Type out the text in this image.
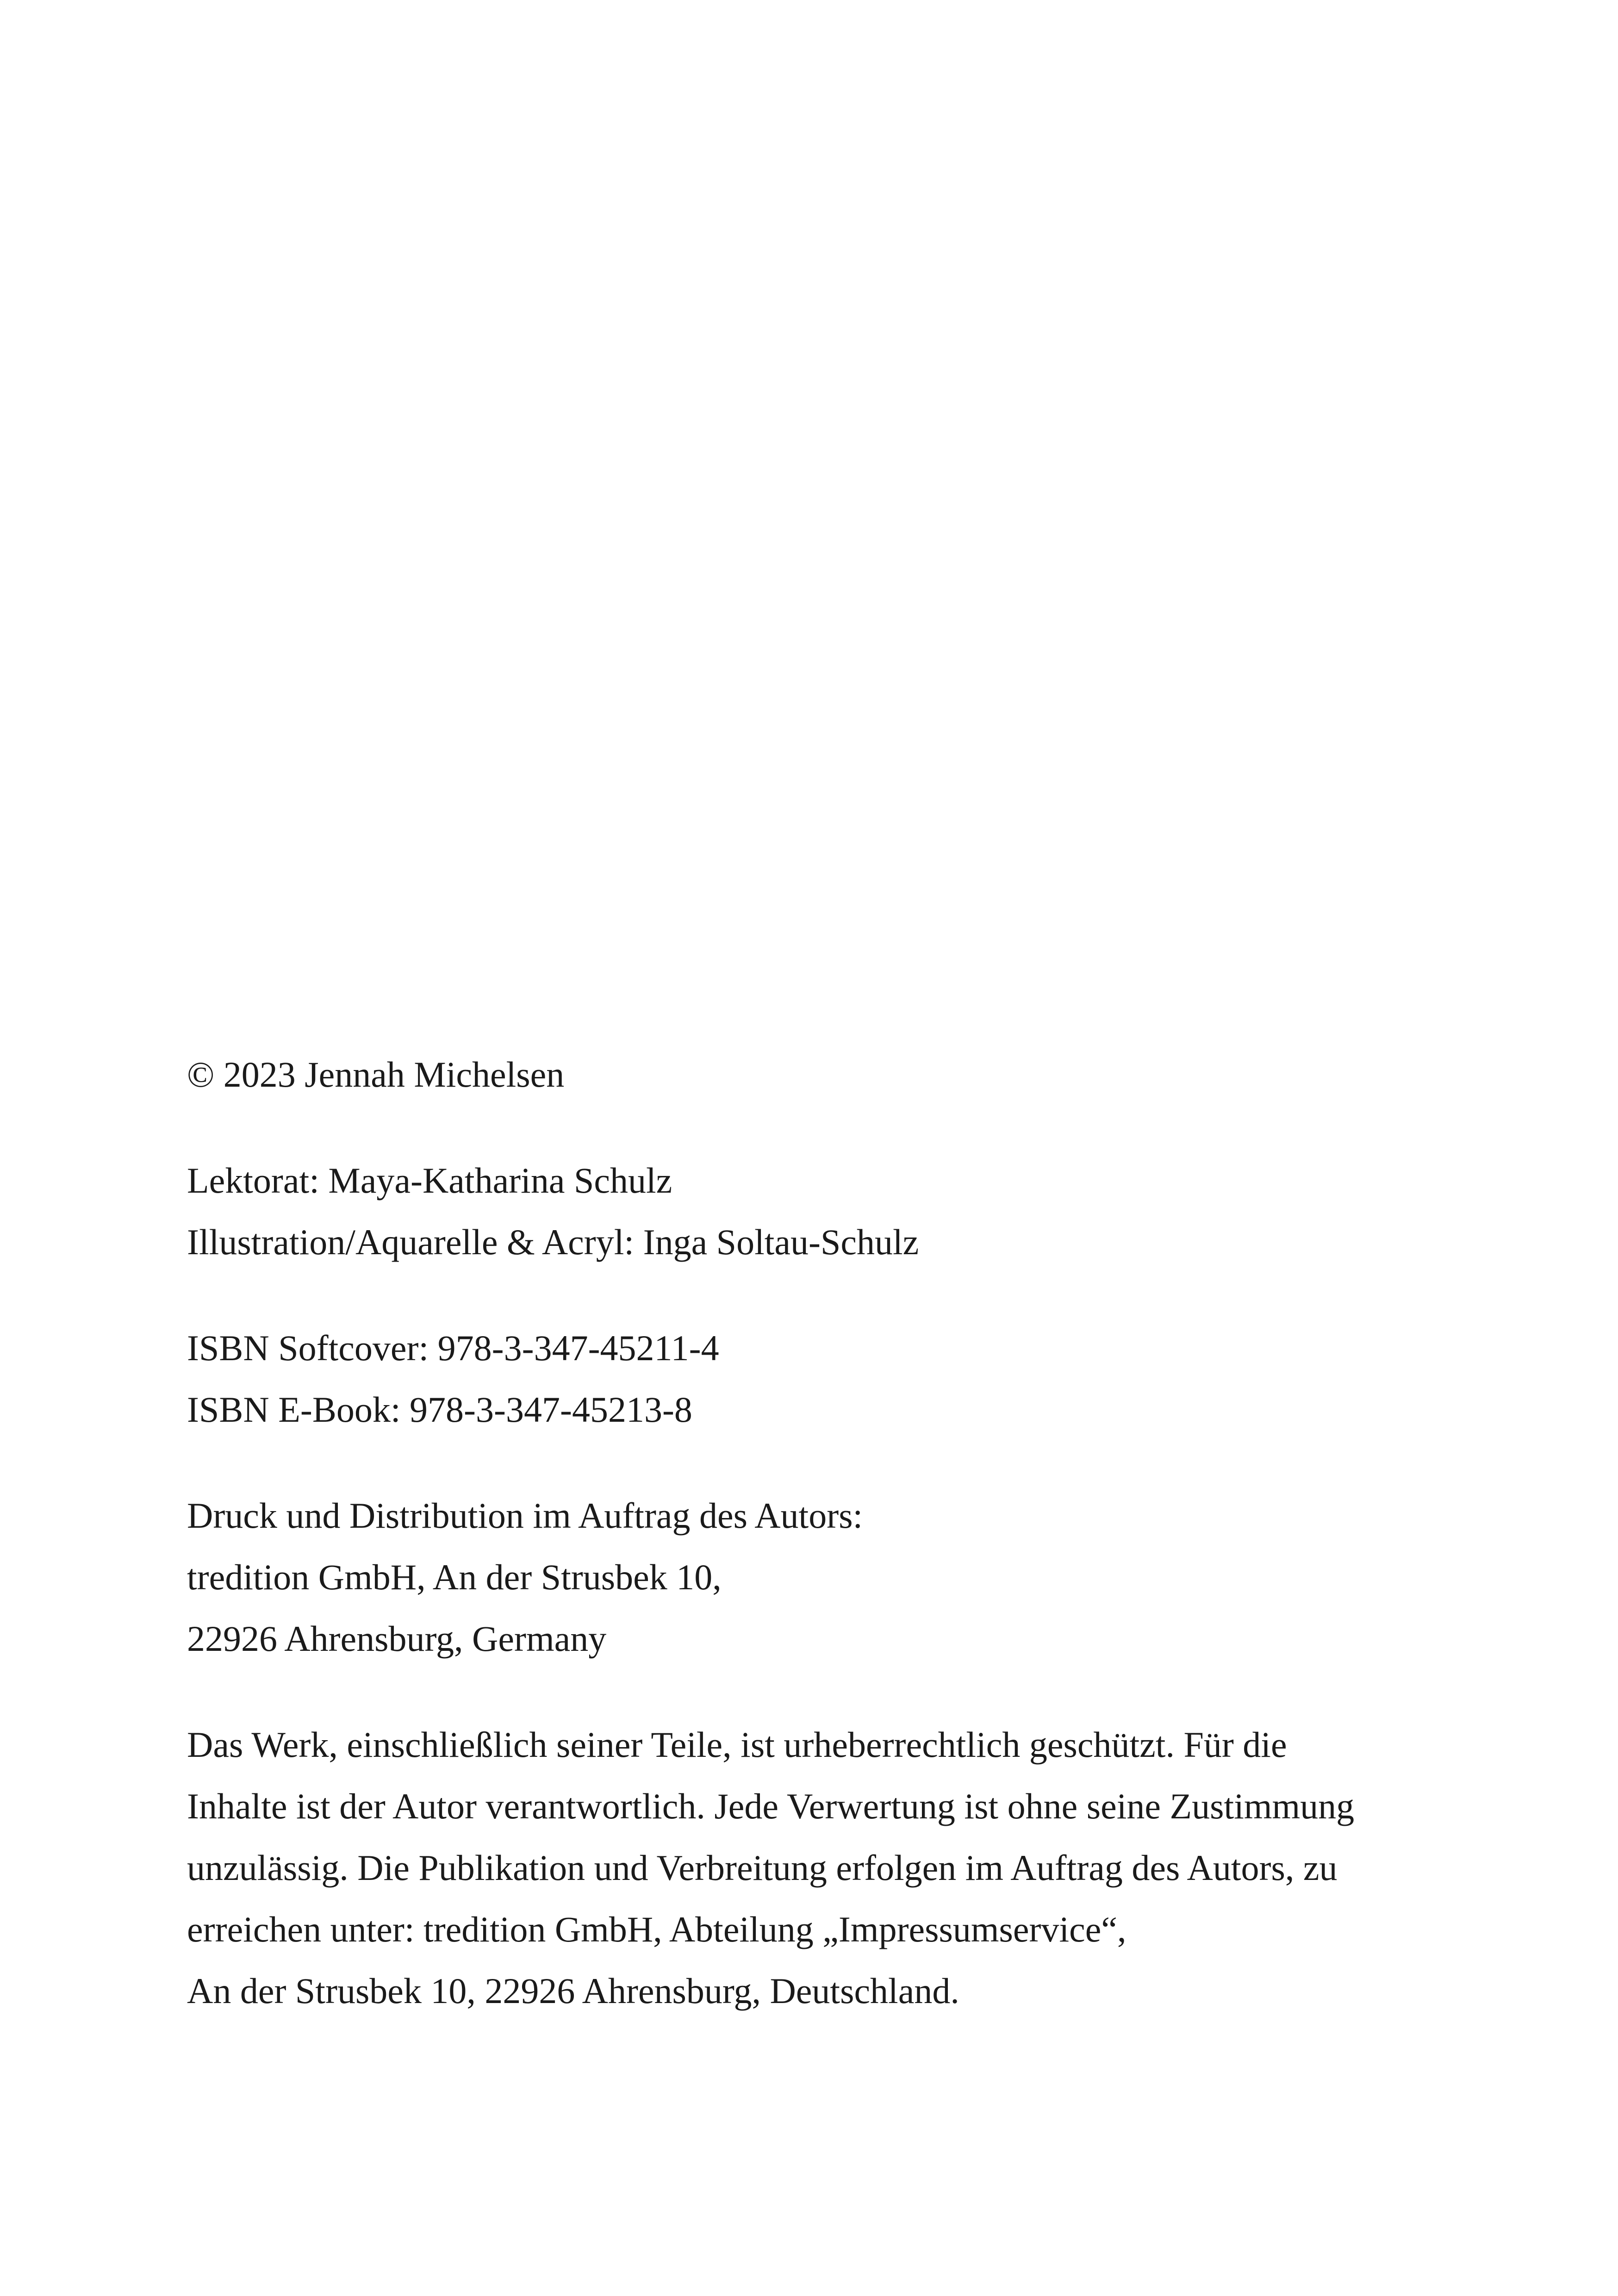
© 2023 Jennah Michelsen
Lektorat: Maya-Katharina Schulz
Illustration/Aquarelle & Acryl: Inga Soltau-Schulz
ISBN Softcover: 978-3-347-45211-4
ISBN E-Book: 978-3-347-45213-8
Druck und Distribution im Auftrag des Autors:
tredition GmbH, An der Strusbek 10,
22926 Ahrensburg, Germany
Das Werk, einschließlich seiner Teile, ist urheberrechtlich geschützt. Für die
Inhalte ist der Autor verantwortlich. Jede Verwertung ist ohne seine Zustimmung
unzulässig. Die Publikation und Verbreitung erfolgen im Auftrag des Autors, zu
erreichen unter: tredition GmbH, Abteilung „Impressumservice“,
An der Strusbek 10, 22926 Ahrensburg, Deutschland.
